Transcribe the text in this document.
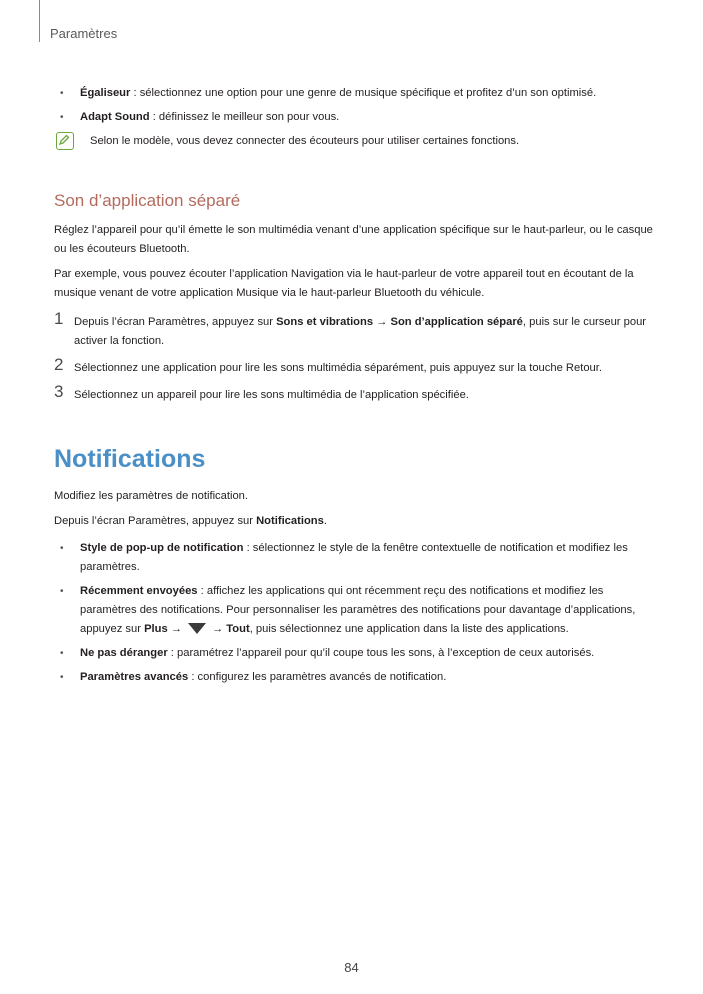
Paramètres
• Égaliseur : sélectionnez une option pour une genre de musique spécifique et profitez d’un son optimisé.
• Adapt Sound : définissez le meilleur son pour vous.
Selon le modèle, vous devez connecter des écouteurs pour utiliser certaines fonctions.
Son d’application séparé

Réglez l’appareil pour qu’il émette le son multimédia venant d’une application spécifique sur le haut-parleur, ou le casque ou les écouteurs Bluetooth.

Par exemple, vous pouvez écouter l’application Navigation via le haut-parleur de votre appareil tout en écoutant de la musique venant de votre application Musique via le haut-parleur Bluetooth du véhicule.

1 Depuis l’écran Paramètres, appuyez sur Sons et vibrations → Son d’application séparé, puis sur le curseur pour activer la fonction.
2 Sélectionnez une application pour lire les sons multimédia séparément, puis appuyez sur la touche Retour.
3 Sélectionnez un appareil pour lire les sons multimédia de l’application spécifiée.
Notifications

Modifiez les paramètres de notification.

Depuis l’écran Paramètres, appuyez sur Notifications.

• Style de pop-up de notification : sélectionnez le style de la fenêtre contextuelle de notification et modifiez les paramètres.
• Récemment envoyées : affichez les applications qui ont récemment reçu des notifications et modifiez les paramètres des notifications. Pour personnaliser les paramètres des notifications pour davantage d’applications, appuyez sur Plus →	→ Tout, puis sélectionnez une application dans la liste des applications.
• Ne pas déranger : paramétrez l’appareil pour qu’il coupe tous les sons, à l’exception de ceux autorisés.
• Paramètres avancés : configurez les paramètres avancés de notification.
84
